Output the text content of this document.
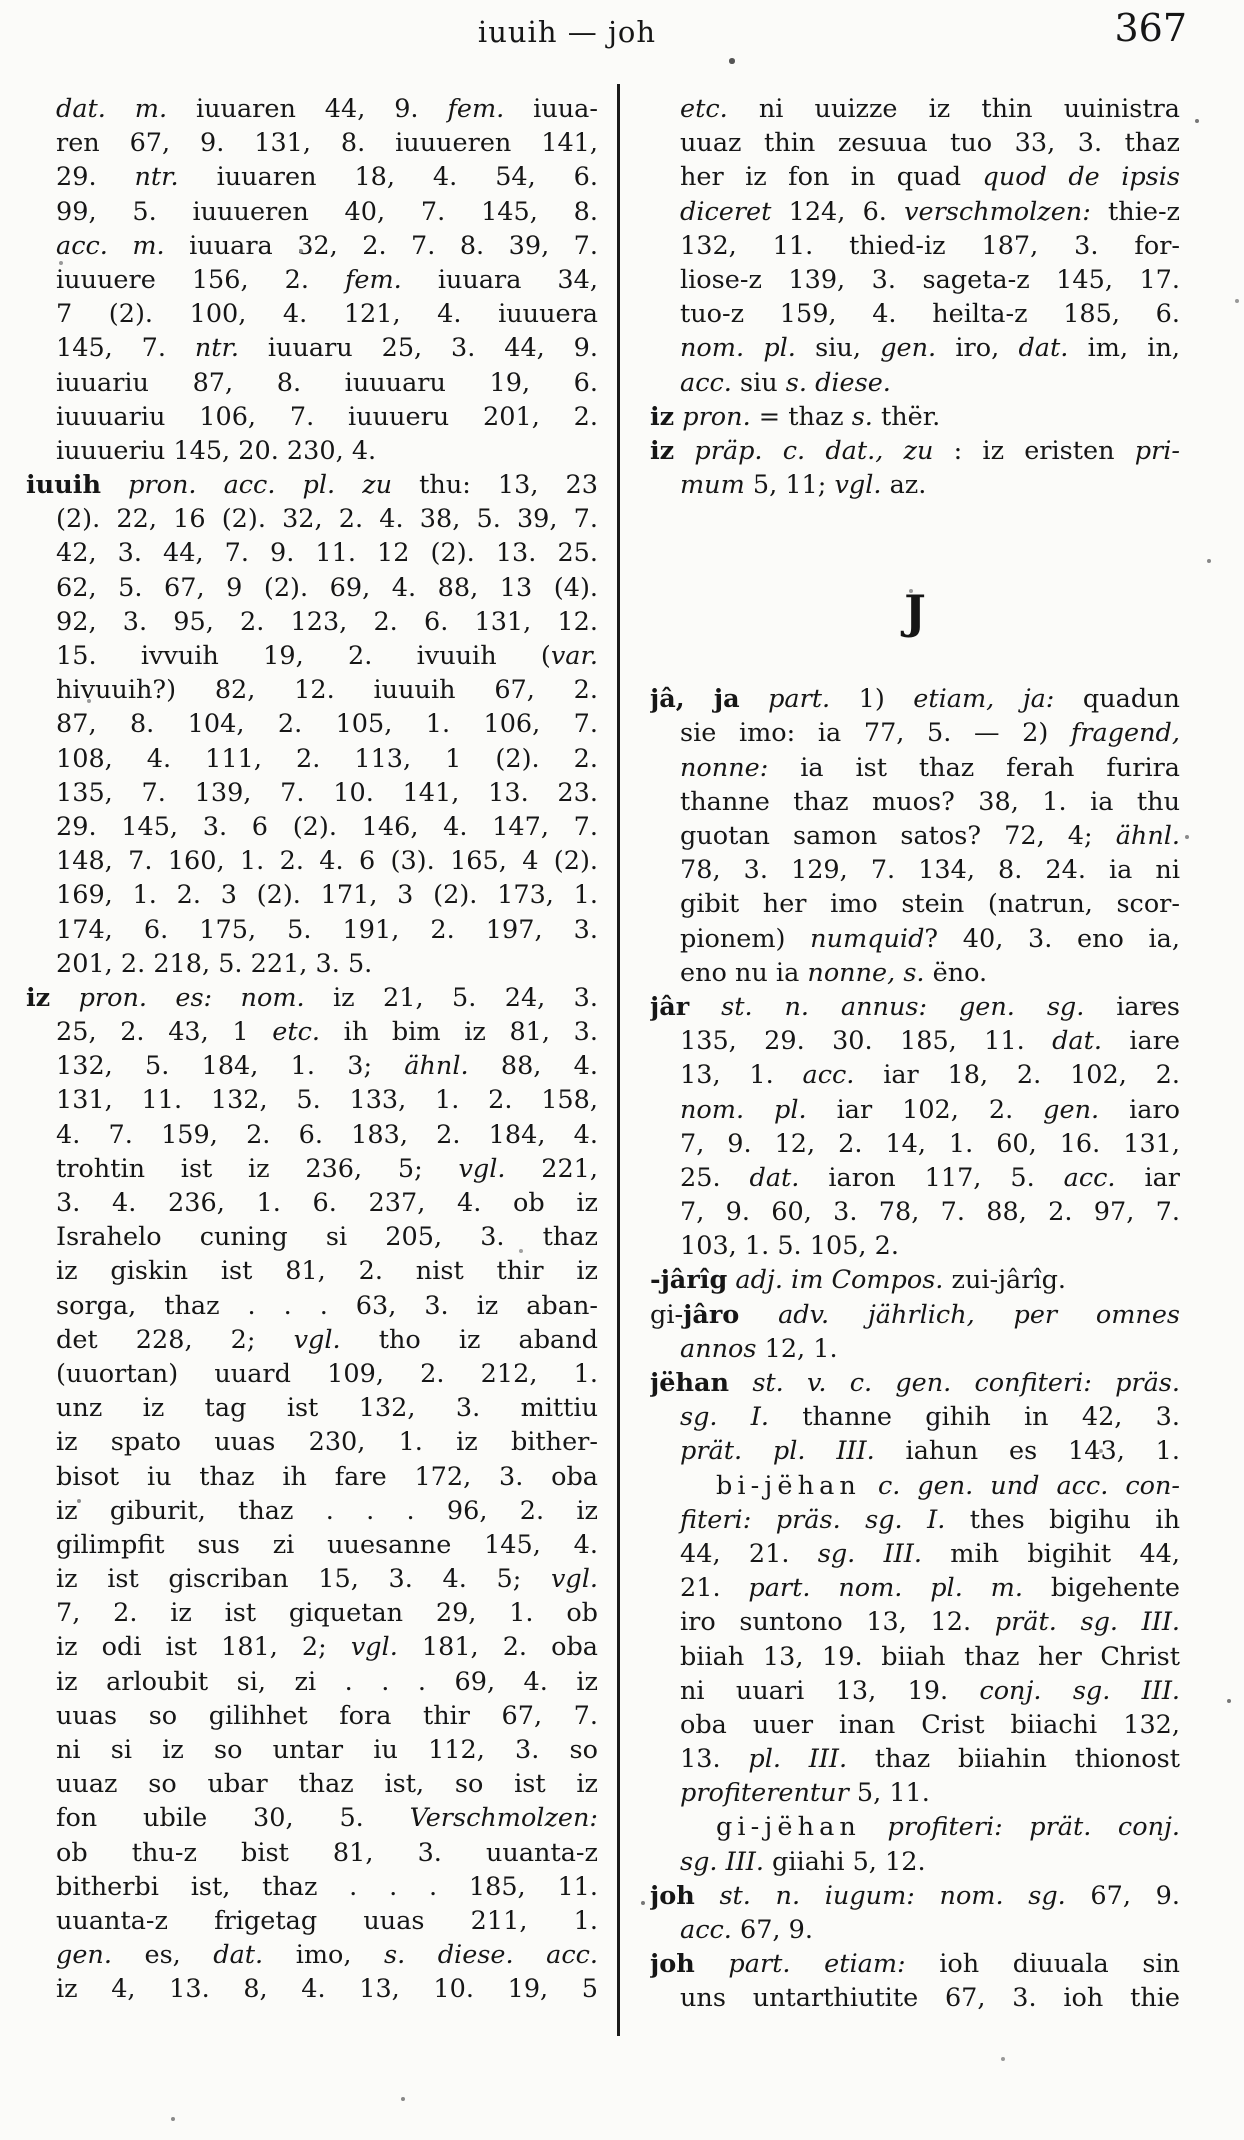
iuuih — joh	367
dat. m. iuuaren 44, 9. fem. iuua-
ren 67, 9. 131, 8. iuuueren 141,
29. ntr. iuuaren 18, 4. 54, 6.
99, 5. iuuueren 40, 7. 145, 8.
acc. m. iuuara 32, 2. 7. 8. 39, 7.
iuuuere 156, 2. fem. iuuara 34,
7 (2). 100, 4. 121, 4. iuuuera
145, 7. ntr. iuuaru 25, 3. 44, 9.
iuuariu 87, 8. iuuuaru 19, 6.
iuuuariu 106, 7. iuuueru 201, 2.
iuuueriu 145, 20. 230, 4.
iuuih pron. acc. pl. zu thu: 13, 23
(2). 22, 16 (2). 32, 2. 4. 38, 5. 39, 7.
42, 3. 44, 7. 9. 11. 12 (2). 13. 25.
62, 5. 67, 9 (2). 69, 4. 88, 13 (4).
92, 3. 95, 2. 123, 2. 6. 131, 12.
15. ivvuih 19, 2. ivuuih (var.
hivuuih?) 82, 12. iuuuih 67, 2.
87, 8. 104, 2. 105, 1. 106, 7.
108, 4. 111, 2. 113, 1 (2). 2.
135, 7. 139, 7. 10. 141, 13. 23.
29. 145, 3. 6 (2). 146, 4. 147, 7.
148, 7. 160, 1. 2. 4. 6 (3). 165, 4 (2).
169, 1. 2. 3 (2). 171, 3 (2). 173, 1.
174, 6. 175, 5. 191, 2. 197, 3.
201, 2. 218, 5. 221, 3. 5.
iz pron. es: nom. iz 21, 5. 24, 3.
25, 2. 43, 1 etc. ih bim iz 81, 3.
132, 5. 184, 1. 3; ähnl. 88, 4.
131, 11. 132, 5. 133, 1. 2. 158,
4. 7. 159, 2. 6. 183, 2. 184, 4.
trohtin ist iz 236, 5; vgl. 221,
3. 4. 236, 1. 6. 237, 4. ob iz
Israhelo cuning si 205, 3. thaz
iz giskin ist 81, 2. nist thir iz
sorga, thaz . . . 63, 3. iz aban-
det 228, 2; vgl. tho iz aband
(uuortan) uuard 109, 2. 212, 1.
unz iz tag ist 132, 3. mittiu
iz spato uuas 230, 1. iz bither-
bisot iu thaz ih fare 172, 3. oba
iz giburit, thaz . . . 96, 2. iz
gilimpfit sus zi uuesanne 145, 4.
iz ist giscriban 15, 3. 4. 5; vgl.
7, 2. iz ist giquetan 29, 1. ob
iz odi ist 181, 2; vgl. 181, 2. oba
iz arloubit si, zi . . . 69, 4. iz
uuas so gilihhet fora thir 67, 7.
ni si iz so untar iu 112, 3. so
uuaz so ubar thaz ist, so ist iz
fon ubile 30, 5. Verschmolzen:
ob thu-z bist 81, 3. uuanta-z
bitherbi ist, thaz . . . 185, 11.
uuanta-z frigetag uuas 211, 1.
gen. es, dat. imo, s. diese. acc.
iz 4, 13. 8, 4. 13, 10. 19, 5
etc. ni uuizze iz thin uuinistra
uuaz thin zesuua tuo 33, 3. thaz
her iz fon in quad quod de ipsis
diceret 124, 6. verschmolzen: thie-z
132, 11. thied-iz 187, 3. for-
liose-z 139, 3. sageta-z 145, 17.
tuo-z 159, 4. heilta-z 185, 6.
nom. pl. siu, gen. iro, dat. im, in,
acc. siu s. diese.
iz pron. = thaz s. thër.
iz präp. c. dat., zu : iz eristen pri-
mum 5, 11; vgl. az.
J
jâ, ja part. 1) etiam, ja: quadun
sie imo: ia 77, 5. — 2) fragend,
nonne: ia ist thaz ferah furira
thanne thaz muos? 38, 1. ia thu
guotan samon satos? 72, 4; ähnl.
78, 3. 129, 7. 134, 8. 24. ia ni
gibit her imo stein (natrun, scor-
pionem) numquid? 40, 3. eno ia,
eno nu ia nonne, s. ëno.
jâr st. n. annus: gen. sg. iares
135, 29. 30. 185, 11. dat. iare
13, 1. acc. iar 18, 2. 102, 2.
nom. pl. iar 102, 2. gen. iaro
7, 9. 12, 2. 14, 1. 60, 16. 131,
25. dat. iaron 117, 5. acc. iar
7, 9. 60, 3. 78, 7. 88, 2. 97, 7.
103, 1. 5. 105, 2.
-jârîg adj. im Compos. zui-jârîg.
gi-jâro adv. jährlich, per omnes
annos 12, 1.
jëhan st. v. c. gen. confiteri: präs.
sg. I. thanne gihih in 42, 3.
prät. pl. III. iahun es 143, 1.
bi-jëhan c. gen. und acc. con-
fiteri: präs. sg. I. thes bigihu ih
44, 21. sg. III. mih bigihit 44,
21. part. nom. pl. m. bigehente
iro suntono 13, 12. prät. sg. III.
biiah 13, 19. biiah thaz her Christ
ni uuari 13, 19. conj. sg. III.
oba uuer inan Crist biiachi 132,
13. pl. III. thaz biiahin thionost
profiterentur 5, 11.
gi-jëhan profiteri: prät. conj.
sg. III. giiahi 5, 12.
joh st. n. iugum: nom. sg. 67, 9.
acc. 67, 9.
joh part. etiam: ioh diuuala sin
uns untarthiutite 67, 3. ioh thie
